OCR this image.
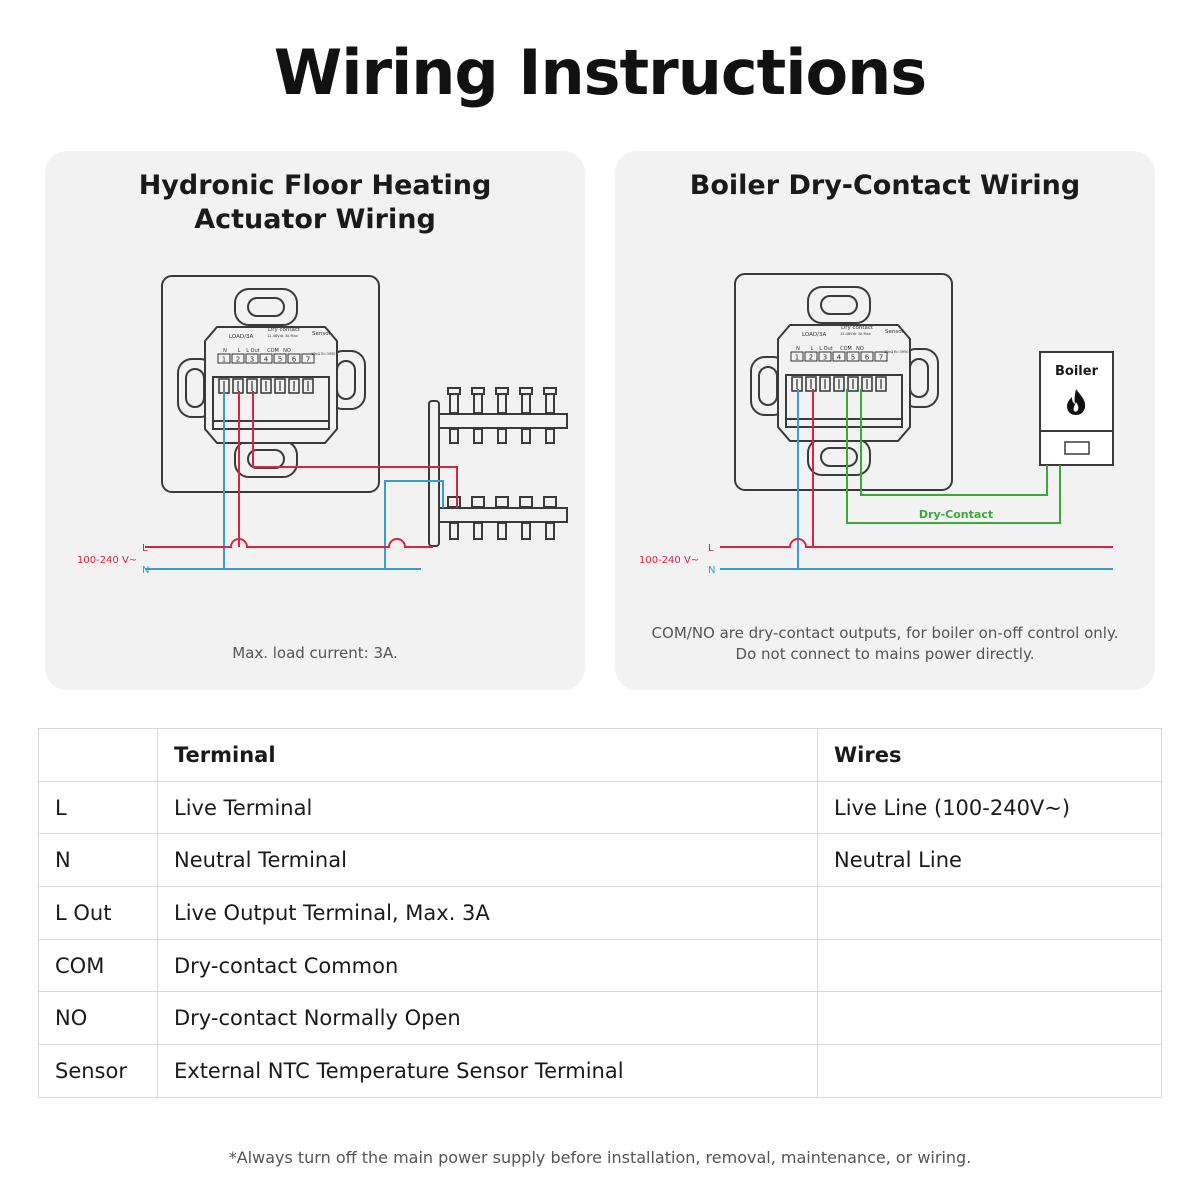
Wiring Instructions
Hydronic Floor Heating
Actuator Wiring
LOAD/3A
Dry contact
12-48Vdc 3A Max	Sensor
10kΩ B=3950
N L L Out COM NO
1 2 3 4 5 6 7
100-240 V~
L
N
Max. load current: 3A.
Boiler Dry-Contact Wiring
LOAD/3A
Dry contact
12-48Vdc 3A Max	Sensor
10kΩ B=3950
N L L Out COM NO
1 2 3 4 5 6 7
Boiler
Dry-Contact
100-240 V~
L
N
COM/NO are dry-contact outputs, for boiler on-off control only.
Do not connect to mains power directly.
	Terminal	Wires
L	Live Terminal	Live Line (100-240V~)
N	Neutral Terminal	Neutral Line
L Out	Live Output Terminal, Max. 3A	
COM	Dry-contact Common	
NO	Dry-contact Normally Open	
Sensor	External NTC Temperature Sensor Terminal	
*Always turn off the main power supply before installation, removal, maintenance, or wiring.
